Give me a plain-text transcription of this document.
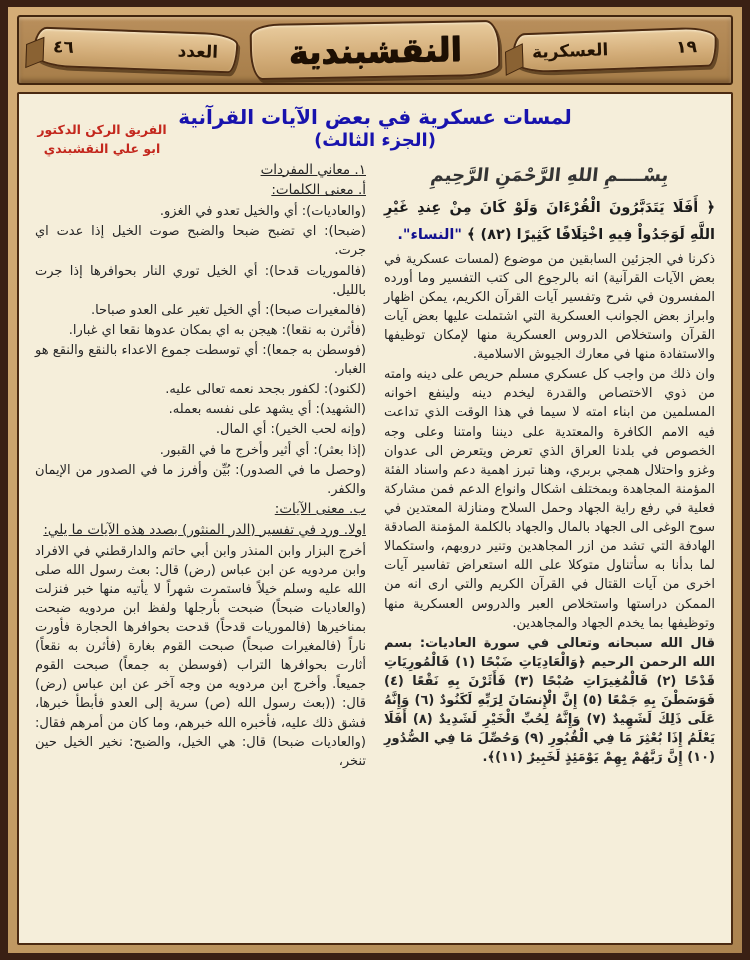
١٩
العسكرية
النقشبندية
العدد
٤٦
الفريق الركن الدكتور
ابو علي النقشبندي
لمسات عسكرية في بعض الآيات القرآنية
(الجزء الثالث)
بِسْــــمِ اللهِ الرَّحْمَنِ الرَّحِيمِ

﴿ أَفَلَا يَتَدَبَّرُونَ الْقُرْءَانَ وَلَوْ كَانَ مِنْ عِندِ غَيْرِ اللَّهِ لَوَجَدُواْ فِيهِ اخْتِلَافًا كَثِيرًا (٨٢) ﴾ "النساء".

ذكرنا في الجزئين السابقين من موضوع (لمسات عسكرية في بعض الآيات القرآنية) انه بالرجوع الى كتب التفسير وما أورده المفسرون في شرح وتفسير آيات القرآن الكريم، يمكن اظهار وابراز بعض الجوانب العسكرية التي اشتملت عليها بعض آيات القرآن واستخلاص الدروس العسكرية منها لإمكان توظيفها والاستفادة منها في معارك الجيوش الاسلامية.

وان ذلك من واجب كل عسكري مسلم حريص على دينه وامته من ذوي الاختصاص والقدرة ليخدم دينه ولينفع اخوانه المسلمين من ابناء امته لا سيما في هذا الوقت الذي تداعت فيه الامم الكافرة والمعتدية على ديننا وامتنا وعلى وجه الخصوص في بلدنا العراق الذي تعرض ويتعرض الى عدوان وغزو واحتلال همجي بربري، وهنا تبرز اهمية دعم واسناد الفئة المؤمنة المجاهدة وبمختلف اشكال وانواع الدعم فمن مشاركة فعلية في رفع راية الجهاد وحمل السلاح ومنازلة المعتدين في سوح الوغى الى الجهاد بالمال والجهاد بالكلمة المؤمنة الصادقة الهادفة التي تشد من ازر المجاهدين وتنير دروبهم، واستكمالا لما بدأنا به سأتناول متوكلا على الله استعراض تفاسير آيات اخرى من آيات القتال في القرآن الكريم والتي ارى انه من الممكن دراستها واستخلاص العبر والدروس العسكرية منها وتوظيفها بما يخدم الجهاد والمجاهدين.

قال الله سبحانه وتعالى في سورة العاديات: بسم الله الرحمن الرحيم ﴿وَالْعَادِيَاتِ ضَبْحًا (١) فَالْمُورِيَاتِ قَدْحًا (٢) فَالْمُغِيرَاتِ صُبْحًا (٣) فَأَثَرْنَ بِهِ نَقْعًا (٤) فَوَسَطْنَ بِهِ جَمْعًا (٥) إِنَّ الْإِنسَانَ لِرَبِّهِ لَكَنُودٌ (٦) وَإِنَّهُ عَلَى ذَلِكَ لَشَهِيدٌ (٧) وَإِنَّهُ لِحُبِّ الْخَيْرِ لَشَدِيدٌ (٨) أَفَلَا يَعْلَمُ إِذَا بُعْثِرَ مَا فِي الْقُبُورِ (٩) وَحُصِّلَ مَا فِي الصُّدُورِ (١٠) إِنَّ رَبَّهُمْ بِهِمْ يَوْمَئِذٍ لَخَبِيرٌ (١١)﴾.

١. معاني المفردات

أ. معنى الكلمات:

(والعاديات): أي والخيل تعدو في الغزو.

(ضبحا): اي تضبح ضبحا والضبح صوت الخيل إذا عدت اي جرت.

(فالموريات قدحا): أي الخيل توري النار بحوافرها إذا جرت بالليل.

(فالمغيرات صبحا): أي الخيل تغير على العدو صباحا.

(فأثرن به نقعا): هيجن به اي بمكان عدوها نقعا اي غبارا.

(فوسطن به جمعا): أي توسطت جموع الاعداء بالنقع والنقع هو الغبار.

(لكنود): لكفور بجحد نعمه تعالى عليه.

(الشهيد): أي يشهد على نفسه بعمله.

(وإنه لحب الخير): أي المال.

(إذا بعثر): أي أثير وأخرج ما في القبور.

(وحصل ما في الصدور): بُيِّن وأفرز ما في الصدور من الإيمان والكفر.

ب. معنى الآيات:

اولا. ورد في تفسير (الدر المنثور) بصدد هذه الآيات ما يلي:

أخرج البزار وابن المنذر وابن أبي حاتم والدارقطني في الافراد وابن مردويه عن ابن عباس (رض) قال: بعث رسول الله صلى الله عليه وسلم خيلاً فاستمرت شهراً لا يأتيه منها خبر فنزلت (والعاديات ضبحاً) ضبحت بأرجلها ولفظ ابن مردويه ضبحت بمناخيرها (فالموريات قدحاً) قدحت بحوافرها الحجارة فأورت ناراً (فالمغيرات صبحاً) صبحت القوم بغارة (فأثرن به نقعاً) أثارت بحوافرها التراب (فوسطن به جمعاً) صبحت القوم جميعاً. وأخرج ابن مردويه من وجه آخر عن ابن عباس (رض) قال: ((بعث رسول الله (ص) سرية إلى العدو فأبطأ خبرها، فشق ذلك عليه، فأخبره الله خبرهم، وما كان من أمرهم فقال: (والعاديات ضبحا) قال: هي الخيل، والضبح: نخير الخيل حين تنخر،
